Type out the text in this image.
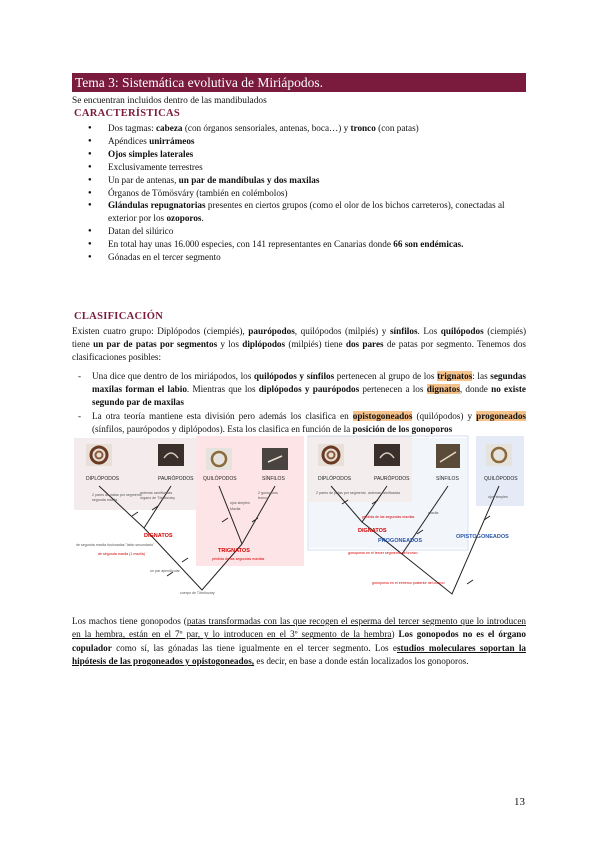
Tema 3: Sistemática evolutiva de Miriápodos.
Se encuentran incluidos dentro de las mandibulados
CARACTERÍSTICAS
● Dos tagmas: cabeza (con órganos sensoriales, antenas, boca…) y tronco (con patas)
● Apéndices unirrámeos
● Ojos simples laterales
● Exclusivamente terrestres
● Un par de antenas, un par de mandíbulas y dos maxilas
● Órganos de Tömösváry (también en colémbolos)
● Glándulas repugnatorias presentes en ciertos grupos (como el olor de los bichos carreteros), conectadas al exterior por los ozoporos.
● Datan del silúrico
● En total hay unas 16.000 especies, con 141 representantes en Canarias donde 66 son endémicas.
● Gónadas en el tercer segmento
CLASIFICACIÓN
Existen cuatro grupo: Diplópodos (ciempiés), paurópodos, quilópodos (milpiés) y sínfilos. Los quilópodos (ciempiés) tiene un par de patas por segmentos y los diplópodos (milpiés) tiene dos pares de patas por segmento. Tenemos dos clasificaciones posibles:
- Una dice que dentro de los miriápodos, los quilópodos y sínfilos pertenecen al grupo de los trignatos: las segundas maxilas forman el labio. Mientras que los diplópodos y paurópodos pertenecen a los dignatos, donde no existe segundo par de maxilas
- La otra teoría mantiene esta división pero además los clasifica en opistogoneados (quilópodos) y progoneados (sínfilos, paurópodos y diplópodos). Esta los clasifica en función de la posición de los gonoporos
DIPLÓPODOS	PAURÓPODOS QUILÓPODOS	SÍNFILOS
DIGNATOS
TRIGNATOS
2 pares de patas por segmento
segunda maxila
antenas ramificadas
órgano de Tömösváry
ojos simples
Maxila
de segunda maxila fusionadas "labio secundario"
de segunda maxila (1 maxila)
pérdida de las segundas maxilas
un par apendicular
cuerpo de Tömösváry
2 gonoporos
tronco
DIPLÓPODOS	PAURÓPODOS	SÍNFILOS	QUILÓPODOS
DIGNATOS
PROGONEADOS
OPISTOGONEADOS
2 pares de patas por segmento antenas ramificadas
ojos simples
gonoporos en el tercer segmento del tronco
gonoporos en el extremo posterior del cuerpo
pérdida de las segundas maxilas
maxila
Los machos tiene gonopodos (patas transformadas con las que recogen el esperma del tercer segmento que lo introducen en la hembra, están en el 7º par, y lo introducen en el 3º segmento de la hembra) Los gonopodos no es el órgano copulador como sí, las gónadas las tiene igualmente en el tercer segmento. Los estudios moleculares soportan la hipótesis de las progoneados y opistogoneados, es decir, en base a donde están localizados los gonoporos.
13
